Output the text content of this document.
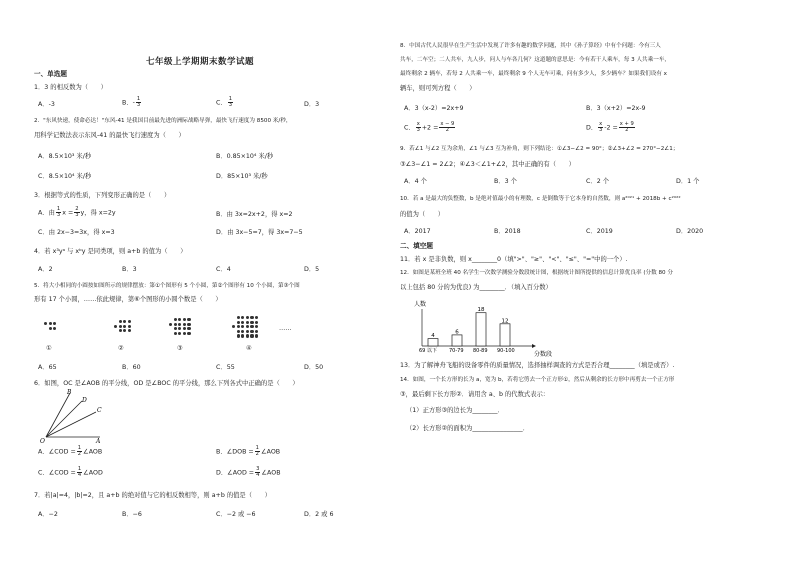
七年级上学期期末数学试题
一、单选题
1．3 的相反数为（　　）
A．-3	B．- $\frac{1}{3}$	C． $\frac{1}{3}$	D．3
2．"东风快递，使命必达！"东风-41 是我国目前最先进的洲际战略导弹，最快飞行速度为 8500 米/秒，
用科学记数法表示东风-41 的最快飞行速度为（　　）
A．8.5×10³ 米/秒	B．0.85×10⁴ 米/秒
C．8.5×10⁴ 米/秒	D．85×10³ 米/秒
3．根据等式的性质，下列变形正确的是（　　）
A．由 $\frac{1}{3}$ $x = \frac{2}{3}$ y，得 x=2y	B．由 3x=2x+2，得 x=2
C．由 2x−3=3x，得 x=3	D．由 3x−5=7，得 3x=7−5
4．若 x³yᵃ 与 xᵇy 是同类项，则 a+b 的值为（　　）
A．2	B．3	C．4	D．5
5．将大小相同的小圆按如图所示的规律摆放：第①个图形有 5 个小圆，第②个图形有 10 个小圆，第③个图
形有 17 个小圆，……依此规律，第⑥个图形的小圆个数是（　　）
……
①	②	③	④
A．65	B．60	C．55	D．50
6．如图，OC 是∠AOB 的平分线，OD 是∠BOC 的平分线，那么下列各式中正确的是（　　）
B
D
C
O	A
A．∠COD = $\frac{1}{2}$ ∠AOB	B．∠DOB = $\frac{1}{2}$ ∠AOB
C．∠COD = $\frac{1}{4}$ ∠AOD	D．∠AOD = $\frac{3}{4}$ ∠AOB
7．若|a|=4，|b|=2，且 a+b 的绝对值与它的相反数相等，则 a+b 的值是（　　）
A．−2	B．−6	C．−2 或 −6	D．2 或 6
8．中国古代人民很早在生产生活中发现了许多有趣的数学问题，其中《孙子算经》中有个问题：今有三人
共车，二车空；二人共车，九人步，问人与车各几何？这道题的意思是：今有若干人乘车，每 3 人共乘一车，
最终剩余 2 辆车，若每 2 人共乘一车，最终剩余 9 个人无车可乘，问有多少人，多少辆车？如果我们设有 x
辆车，则可列方程（　　）
A．3（x-2）=2x+9	B．3（x+2）=2x-9
C． $\frac{x}{3} +2 = \frac{x - 9}{2}$	D． $\frac{x}{3} -2 = \frac{x + 9}{2}$
9．若∠1 与∠2 互为余角，∠1 与∠3 互为补角，则下列结论：①∠3−∠2 = 90°；②∠3+∠2 = 270°−2∠1；
③∠3−∠1 = 2∠2；④∠3＜∠1+∠2，其中正确的有（　　）
A．4 个	B．3 个	C．2 个	D．1 个
10．若 a 是最大的负整数，b 是绝对值最小的有理数，c 是倒数等于它本身的自然数，则 a²⁰²¹ + 2018b + c²⁰²²
的值为（　　）
A．2017	B．2018	C．2019	D．2020
二、填空题
11．若 x 是非负数，则 x________0（填">"、"≥"、"<"、"≤"、"="中的一个）.
12．如图是某班全班 40 名学生一次数学测验分数段统计图，根据统计图所提供的信息计算优良率 (分数 80 分
以上包括 80 分的为优良) 为________．（填入百分数）
人数
分数段
4
69 以下
6
70-79
18
80-89
12
90-100
13．为了解神舟飞船的设备零件的质量情况，选择抽样调查的方式是否合理________（填是或否）.
14．如图，一个长方形的长为 a，宽为 b，若将它剪去一个正方形①，然后从剩余的长方形中再剪去一个正方形
③，最后剩下长方形②．请用含 a、b 的代数式表示：
（1）正方形③的边长为________．
（2）长方形②的面积为________________．
